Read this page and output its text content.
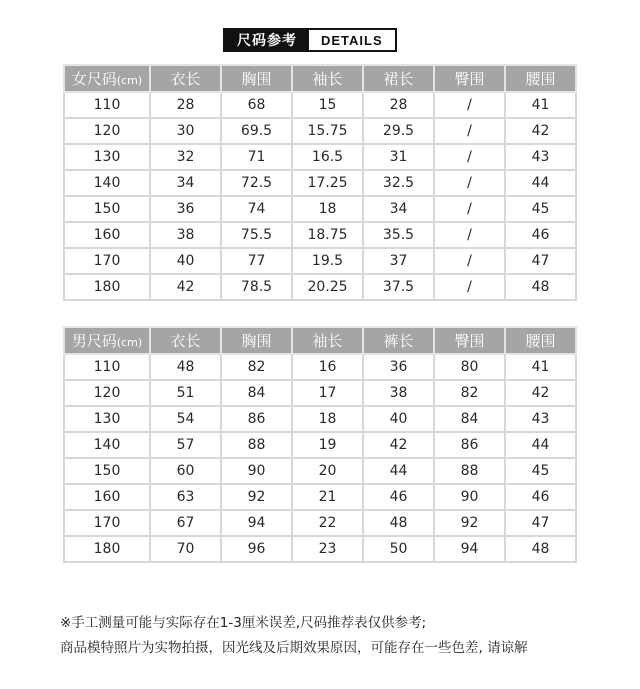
尺码参考	DETAILS
女尺码(cm)	衣长	胸围	袖长	裙长	臀围	腰围
110	28	68	15	28	/	41
120	30	69.5	15.75	29.5	/	42
130	32	71	16.5	31	/	43
140	34	72.5	17.25	32.5	/	44
150	36	74	18	34	/	45
160	38	75.5	18.75	35.5	/	46
170	40	77	19.5	37	/	47
180	42	78.5	20.25	37.5	/	48
男尺码(cm)	衣长	胸围	袖长	裤长	臀围	腰围
110	48	82	16	36	80	41
120	51	84	17	38	82	42
130	54	86	18	40	84	43
140	57	88	19	42	86	44
150	60	90	20	44	88	45
160	63	92	21	46	90	46
170	67	94	22	48	92	47
180	70	96	23	50	94	48
※手工测量可能与实际存在1-3厘米误差,尺码推荐表仅供参考;
商品模特照片为实物拍摄，因光线及后期效果原因，可能存在一些色差, 请谅解
